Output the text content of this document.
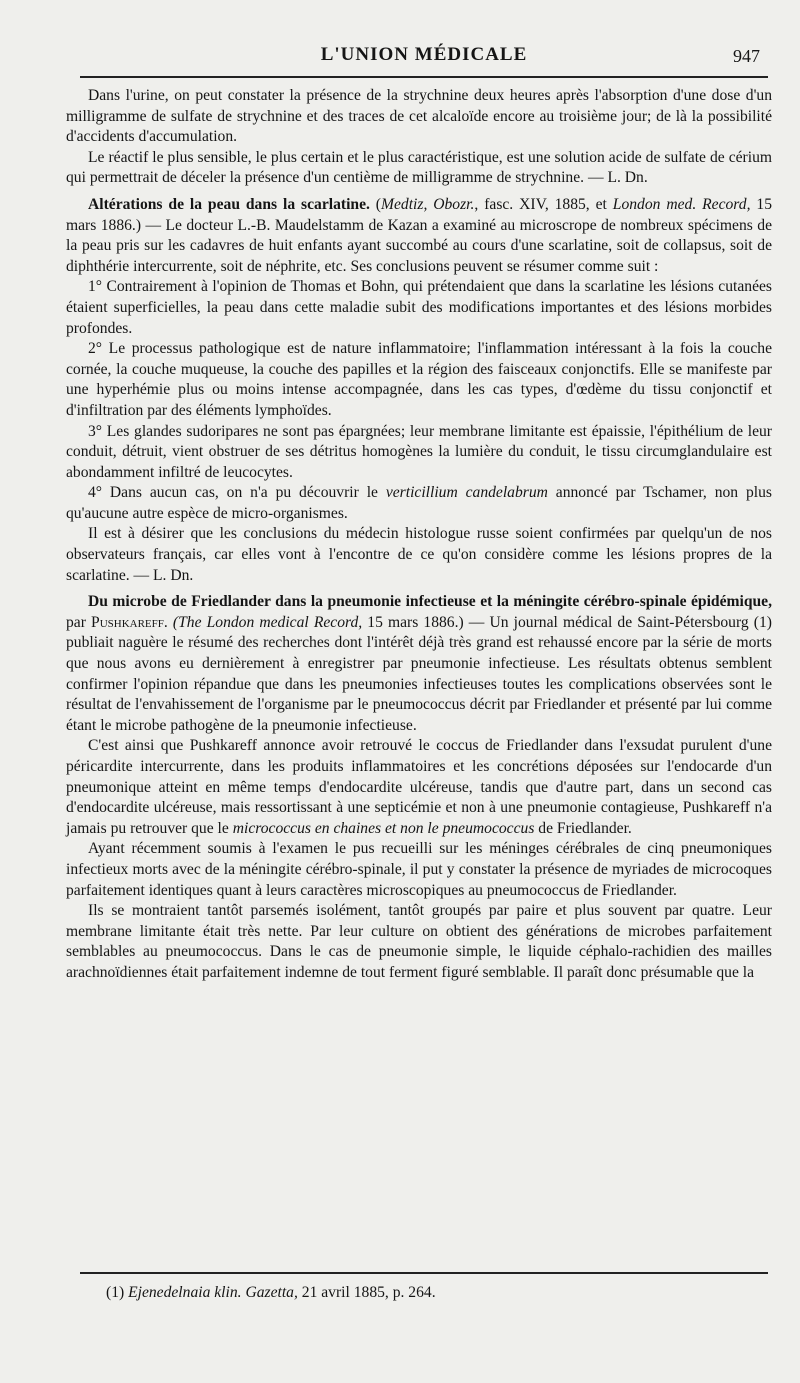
L'UNION MÉDICALE	947

Dans l'urine, on peut constater la présence de la strychnine deux heures après l'absorption d'une dose d'un milligramme de sulfate de strychnine et des traces de cet alcaloïde encore au troisième jour; de là la possibilité d'accidents d'accumulation.

Le réactif le plus sensible, le plus certain et le plus caractéristique, est une solution acide de sulfate de cérium qui permettrait de déceler la présence d'un centième de milligramme de strychnine. — L. Dn.

Altérations de la peau dans la scarlatine. (Medtiz, Obozr., fasc. XIV, 1885, et London med. Record, 15 mars 1886.) — Le docteur L.-B. Maudelstamm de Kazan a examiné au microscrope de nombreux spécimens de la peau pris sur les cadavres de huit enfants ayant succombé au cours d'une scarlatine, soit de collapsus, soit de diphthérie intercurrente, soit de néphrite, etc. Ses conclusions peuvent se résumer comme suit :

1° Contrairement à l'opinion de Thomas et Bohn, qui prétendaient que dans la scarlatine les lésions cutanées étaient superficielles, la peau dans cette maladie subit des modifications importantes et des lésions morbides profondes.

2° Le processus pathologique est de nature inflammatoire; l'inflammation intéressant à la fois la couche cornée, la couche muqueuse, la couche des papilles et la région des faisceaux conjonctifs. Elle se manifeste par une hyperhémie plus ou moins intense accompagnée, dans les cas types, d'œdème du tissu conjonctif et d'infiltration par des éléments lymphoïdes.

3° Les glandes sudoripares ne sont pas épargnées; leur membrane limitante est épaissie, l'épithélium de leur conduit, détruit, vient obstruer de ses détritus homogènes la lumière du conduit, le tissu circumglandulaire est abondamment infiltré de leucocytes.

4° Dans aucun cas, on n'a pu découvrir le verticillium candelabrum annoncé par Tschamer, non plus qu'aucune autre espèce de micro-organismes.

Il est à désirer que les conclusions du médecin histologue russe soient confirmées par quelqu'un de nos observateurs français, car elles vont à l'encontre de ce qu'on considère comme les lésions propres de la scarlatine. — L. Dn.

Du microbe de Friedlander dans la pneumonie infectieuse et la méningite cérébro-spinale épidémique, par Pushkareff. (The London medical Record, 15 mars 1886.) — Un journal médical de Saint-Pétersbourg (1) publiait naguère le résumé des recherches dont l'intérêt déjà très grand est rehaussé encore par la série de morts que nous avons eu dernièrement à enregistrer par pneumonie infectieuse. Les résultats obtenus semblent confirmer l'opinion répandue que dans les pneumonies infectieuses toutes les complications observées sont le résultat de l'envahissement de l'organisme par le pneumococcus décrit par Friedlander et présenté par lui comme étant le microbe pathogène de la pneumonie infectieuse.

C'est ainsi que Pushkareff annonce avoir retrouvé le coccus de Friedlander dans l'exsudat purulent d'une péricardite intercurrente, dans les produits inflammatoires et les concrétions déposées sur l'endocarde d'un pneumonique atteint en même temps d'endocardite ulcéreuse, tandis que d'autre part, dans un second cas d'endocardite ulcéreuse, mais ressortissant à une septicémie et non à une pneumonie contagieuse, Pushkareff n'a jamais pu retrouver que le micrococcus en chaines et non le pneumococcus de Friedlander.

Ayant récemment soumis à l'examen le pus recueilli sur les méninges cérébrales de cinq pneumoniques infectieux morts avec de la méningite cérébro-spinale, il put y constater la présence de myriades de microcoques parfaitement identiques quant à leurs caractères microscopiques au pneumococcus de Friedlander.

Ils se montraient tantôt parsemés isolément, tantôt groupés par paire et plus souvent par quatre. Leur membrane limitante était très nette. Par leur culture on obtient des générations de microbes parfaitement semblables au pneumococcus. Dans le cas de pneumonie simple, le liquide céphalo-rachidien des mailles arachnoïdiennes était parfaitement indemne de tout ferment figuré semblable. Il paraît donc présumable que la

(1) Ejenedelnaia klin. Gazetta, 21 avril 1885, p. 264.
